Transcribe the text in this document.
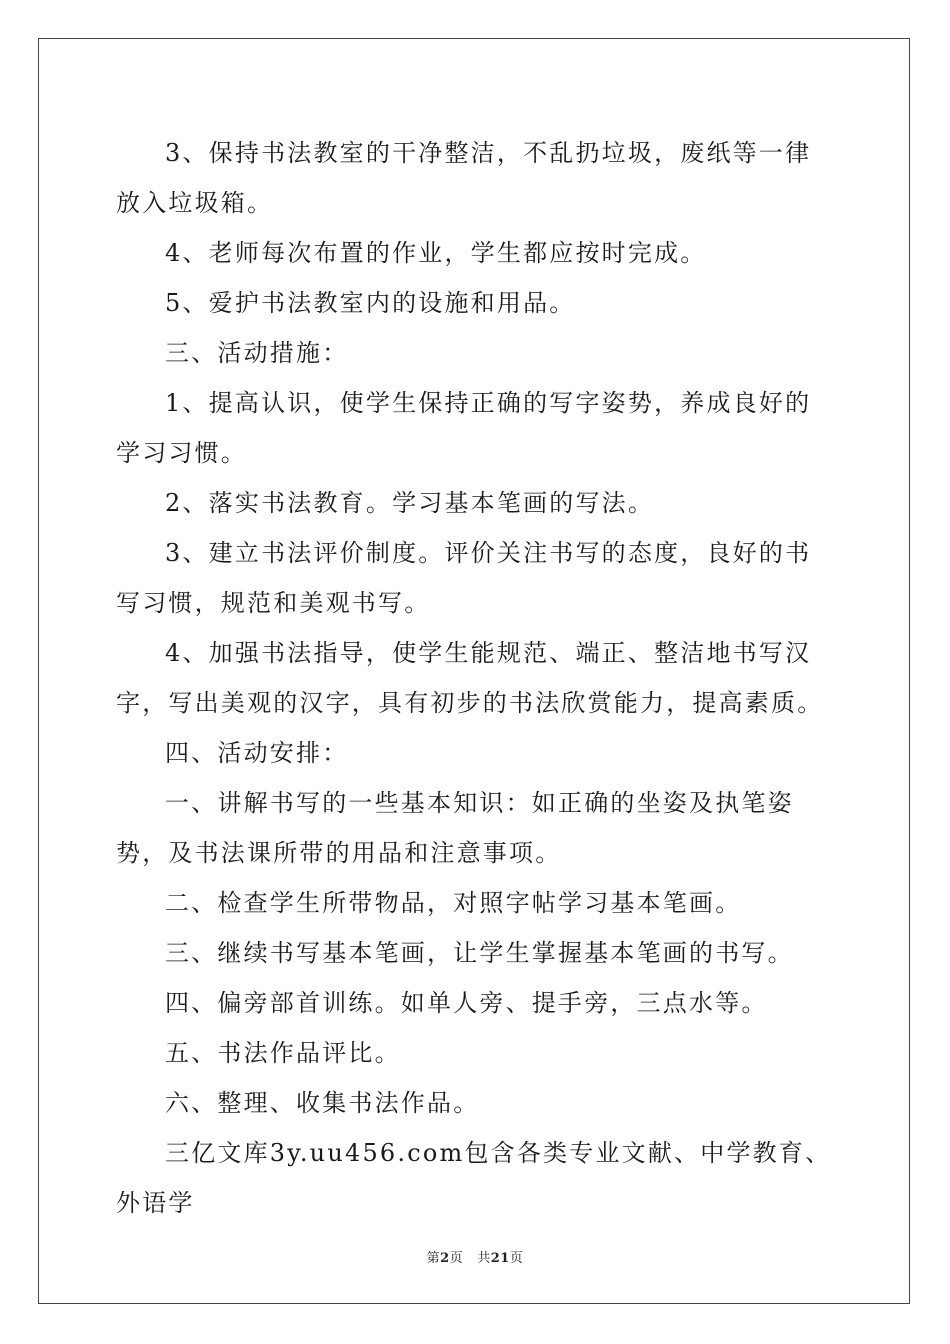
3、保持书法教室的干净整洁，不乱扔垃圾，废纸等一律放入垃圾箱。

4、老师每次布置的作业，学生都应按时完成。

5、爱护书法教室内的设施和用品。

三、活动措施：

1、提高认识，使学生保持正确的写字姿势，养成良好的学习习惯。

2、落实书法教育。学习基本笔画的写法。

3、建立书法评价制度。评价关注书写的态度，良好的书写习惯，规范和美观书写。

4、加强书法指导，使学生能规范、端正、整洁地书写汉字，写出美观的汉字，具有初步的书法欣赏能力，提高素质。

四、活动安排：

一、讲解书写的一些基本知识：如正确的坐姿及执笔姿势，及书法课所带的用品和注意事项。

二、检查学生所带物品，对照字帖学习基本笔画。

三、继续书写基本笔画，让学生掌握基本笔画的书写。

四、偏旁部首训练。如单人旁、提手旁，三点水等。

五、书法作品评比。

六、整理、收集书法作品。

三亿文库3y.uu456.com包含各类专业文献、中学教育、外语学

第2页 共21页
